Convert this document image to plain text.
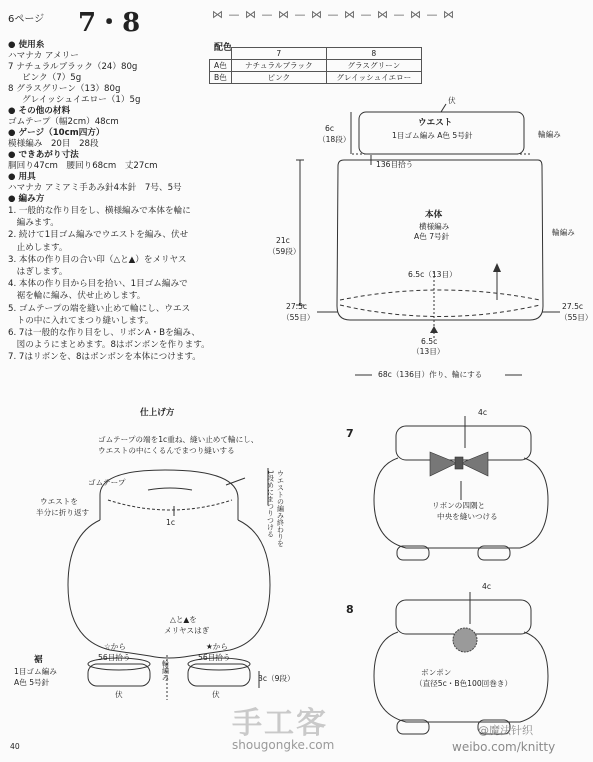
6ページ 7・8	⋈ — ⋈ — ⋈ — ⋈ — ⋈ — ⋈ — ⋈ — ⋈
● 使用糸
ハマナカ アメリー
7 ナチュラルブラック（24）80g
ピンク（7）5g
8 グラスグリーン（13）80g
グレイッシュイエロー（1）5g
● その他の材料
ゴムテープ（幅2cm）48cm
● ゲージ（10cm四方）
模様編み　20目　28段
● できあがり寸法
胴回り47cm　腰回り68cm　丈27cm
● 用具
ハマナカ アミアミ手あみ針4本針　7号、5号
● 編み方
1. 一般的な作り目をし、横様編みで本体を輪に
　編みます。
2. 続けて1目ゴム編みでウエストを編み、伏せ
　止めします。
3. 本体の作り目の合い印（△と▲）をメリヤス
　はぎします。
4. 本体の作り目から目を拾い、1目ゴム編みで
　裾を輪に編み、伏せ止めします。
5. ゴムテープの端を縫い止めて輪にし、ウエス
　トの中に入れてまつり縫いします。
6. 7は一般的な作り目をし、リボンA・Bを編み、
　図のようにまとめます。8はボンボンを作ります。
7. 7はリボンを、8はボンボンを本体につけます。
配色
	7	8
A色	ナチュラルブラック	グラスグリーン
B色	ピンク	グレイッシュイエロー
伏
ウエスト
1目ゴム編み A色 5号針	輪編み
6c
（18段）
136目拾う
本体
横様編み
A色 7号針	輪編み
21c
（59段）
6.5c（13目）
6.5c
（13目）
27.5c
（55目）
27.5c
（55目）
68c（136目）作り、輪にする
仕上げ方
ゴムテープの端を1c重ね、縫い止めて輪にし、
ウエストの中にくるんでまつり縫いする
ゴムテープ
ウエストを
半分に折り返す
1c	ウエストの編み終わりを
1段めにまつりつける
△と▲を
メリヤスはぎ
☆から
56目拾う
★から
56目拾う
裾
1目ゴム編み
A色 5号針
伏	伏
輪編み	3c（9段）
7
4c
リボンの四隅と
中央を縫いつける
8
4c
ボンポン
（直径5c・B色100回巻き）
40
手工客
shougongke.com
@魔法针织
weibo.com/knitty
